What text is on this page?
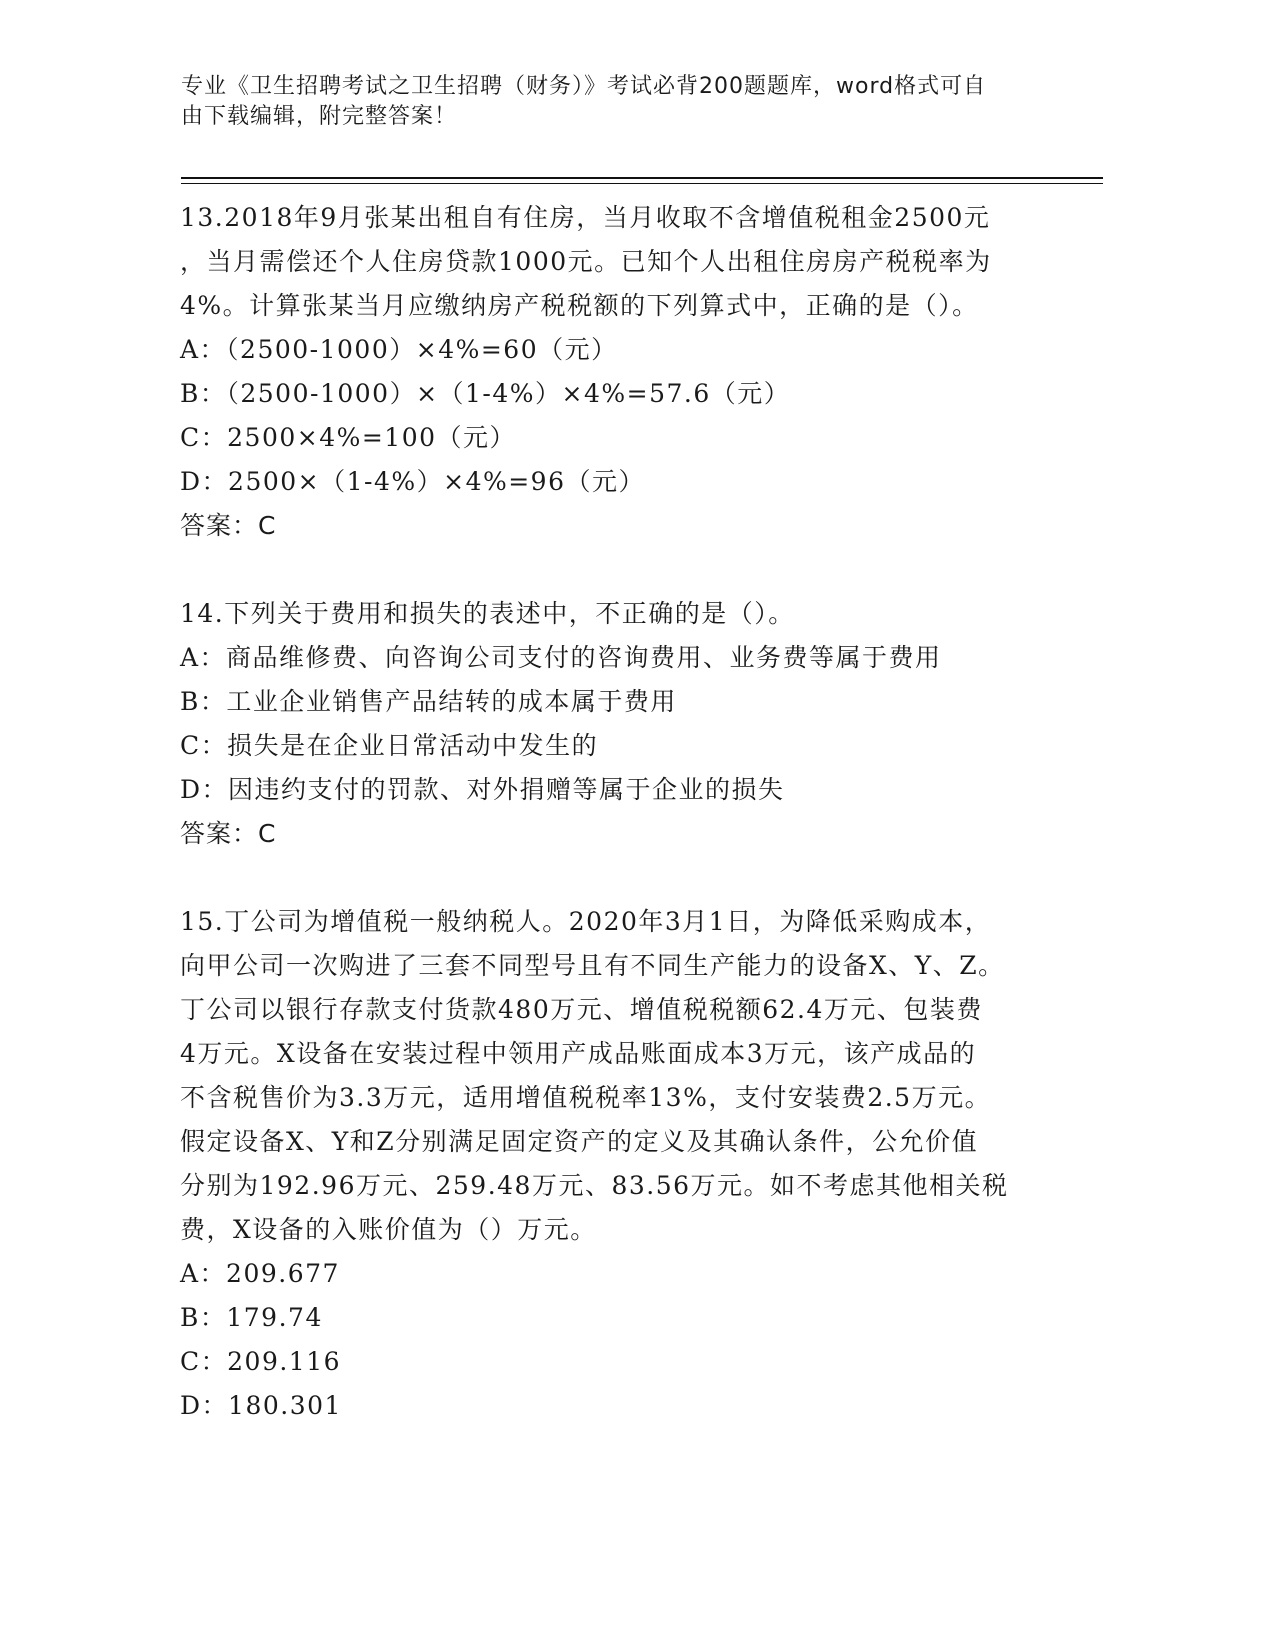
专业《卫生招聘考试之卫生招聘（财务）》考试必背200题题库，word格式可自
由下载编辑，附完整答案！
13.2018年9月张某出租自有住房，当月收取不含增值税租金2500元
，当月需偿还个人住房贷款1000元。已知个人出租住房房产税税率为
4%。计算张某当月应缴纳房产税税额的下列算式中，正确的是（）。
A：（2500-1000）×4%=60（元）
B：（2500-1000）×（1-4%）×4%=57.6（元）
C：2500×4%=100（元）
D：2500×（1-4%）×4%=96（元）
答案：C
14.下列关于费用和损失的表述中，不正确的是（）。
A：商品维修费、向咨询公司支付的咨询费用、业务费等属于费用
B：工业企业销售产品结转的成本属于费用
C：损失是在企业日常活动中发生的
D：因违约支付的罚款、对外捐赠等属于企业的损失
答案：C
15.丁公司为增值税一般纳税人。2020年3月1日，为降低采购成本，
向甲公司一次购进了三套不同型号且有不同生产能力的设备X、Y、Z。
丁公司以银行存款支付货款480万元、增值税税额62.4万元、包装费
4万元。X设备在安装过程中领用产成品账面成本3万元，该产成品的
不含税售价为3.3万元，适用增值税税率13%，支付安装费2.5万元。
假定设备X、Y和Z分别满足固定资产的定义及其确认条件，公允价值
分别为192.96万元、259.48万元、83.56万元。如不考虑其他相关税
费，X设备的入账价值为（）万元。
A：209.677
B：179.74
C：209.116
D：180.301
